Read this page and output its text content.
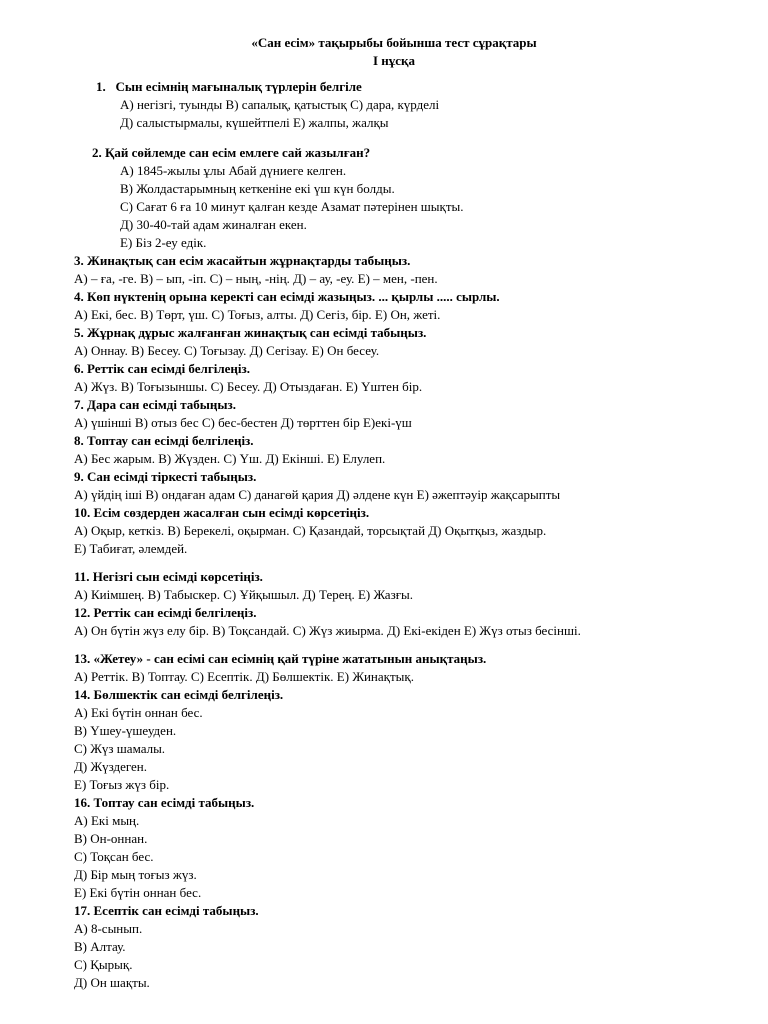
«Сан есім» тақырыбы бойынша тест сұрақтары
І нұсқа
1. Сын есімнің мағыналық түрлерін белгіле
А) негізгі, туынды В) сапалық, қатыстық С) дара, күрделі
Д) салыстырмалы, күшейтпелі Е) жалпы, жалқы
2. Қай сөйлемде сан есім емлеге сай жазылған?
А) 1845-жылы ұлы Абай дүниеге келген.
В) Жолдастарымның кеткеніне екі үш күн болды.
С) Сағат 6 ға 10 минут қалған кезде Азамат пәтерінен шықты.
Д) 30-40-тай адам жиналған екен.
Е) Біз 2-еу едік.
3. Жинақтық сан есім жасайтын жұрнақтарды табыңыз.
А) – ға, -ге. В) – ып, -іп. С) – ның, -нің. Д) – ау, -еу. Е) – мен, -пен.
4. Көп нүктенің орына керекті сан есімді жазыңыз. ... қырлы ..... сырлы.
А) Екі, бес. В) Төрт, үш. С) Тоғыз, алты. Д) Сегіз, бір. Е) Он, жеті.
5. Жұрнақ дұрыс жалғанған жинақтық сан есімді табыңыз.
А) Оннау. В) Бесеу. С) Тоғызау. Д) Сегізау. Е) Он бесеу.
6. Реттік сан есімді белгілеңіз.
А) Жүз. В) Тоғызыншы. С) Бесеу. Д) Отыздаған. Е) Үштен бір.
7. Дара сан есімді табыңыз.
А) үшінші В) отыз бес С) бес-бестен Д) төрттен бір Е)екі-үш
8. Топтау сан есімді белгілеңіз.
А) Бес жарым. В) Жүзден. С) Үш. Д) Екінші. Е) Елулеп.
9. Сан есімді тіркесті табыңыз.
А) үйдің іші В) ондаған адам С) данагөй қария Д) әлдене күн Е) әжептәуір жақсарыпты
10. Есім сөздерден жасалған сын есімді көрсетіңіз.
А) Оқыр, кеткіз. В) Берекелі, оқырман. С) Қазандай, торсықтай Д) Оқытқыз, жаздыр.
Е) Табиғат, әлемдей.
11. Негізгі сын есімді көрсетіңіз.
А) Киімшең. В) Табыскер. С) Ұйқышыл. Д) Терең. Е) Жазғы.
12. Реттік сан есімді белгілеңіз.
А) Он бүтін жүз елу бір. В) Тоқсандай. С) Жүз жиырма. Д) Екі-екіден Е) Жүз отыз бесінші.
13. «Жетеу» - сан есімі сан есімнің қай түріне жататынын анықтаңыз.
А) Реттік. В) Топтау. С) Есептік. Д) Бөлшектік. Е) Жинақтық.
14. Бөлшектік сан есімді белгілеңіз.
А) Екі бүтін оннан бес.
В) Үшеу-үшеуден.
С) Жүз шамалы.
Д) Жүздеген.
Е) Тоғыз жүз бір.
16. Топтау сан есімді табыңыз.
А) Екі мың.
В) Он-оннан.
С) Тоқсан бес.
Д) Бір мың тоғыз жүз.
Е) Екі бүтін оннан бес.
17. Есептік сан есімді табыңыз.
А) 8-сынып.
В) Алтау.
С) Қырық.
Д) Он шақты.
